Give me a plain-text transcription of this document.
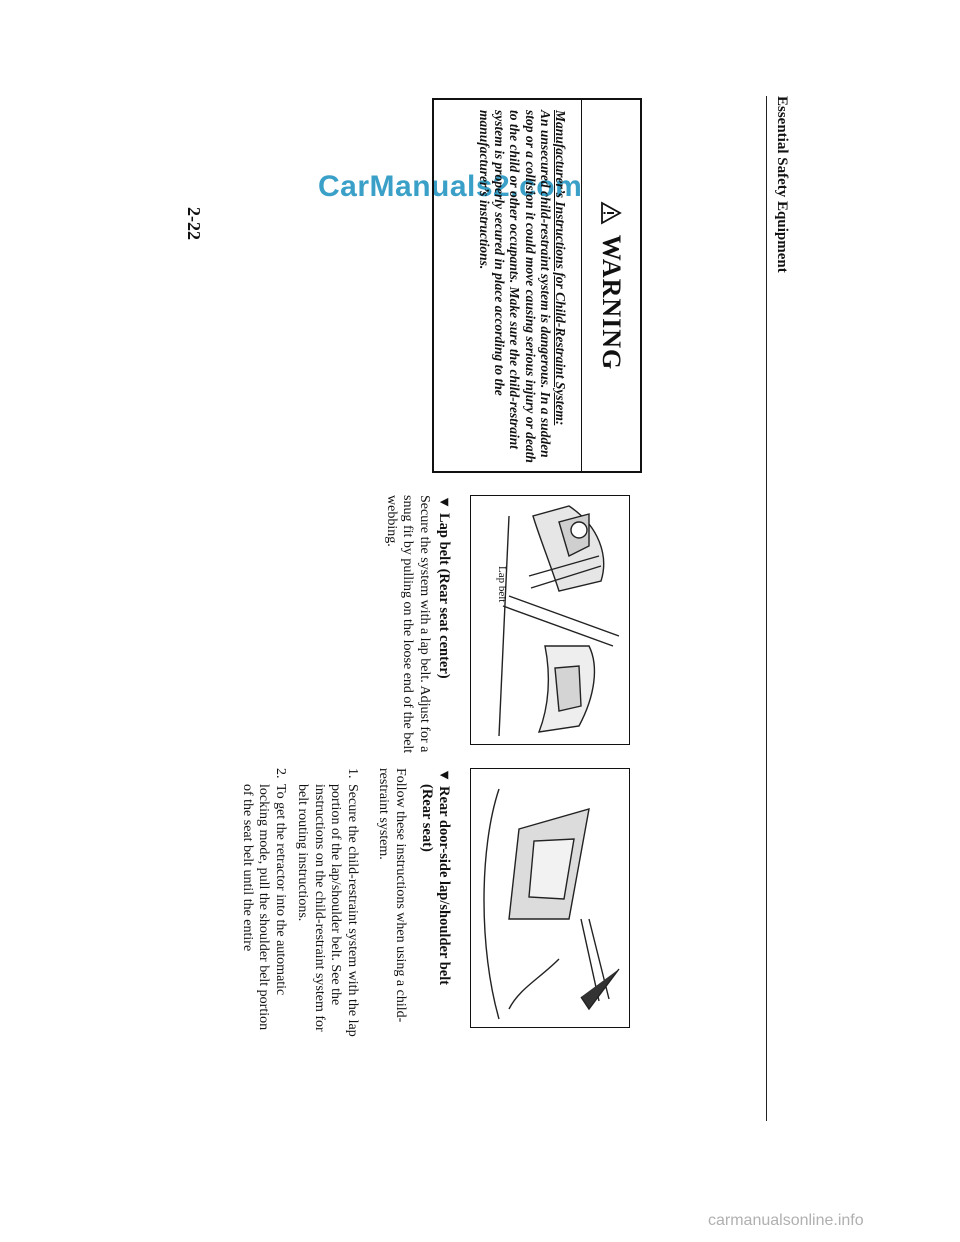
CarManuals2.com
carmanualsonline.info
Essential Safety Equipment
2-22
WARNING
Manufacturer’s Instructions for Child-Restraint System:
An unsecured child-restraint system is dangerous. In a sudden stop or a collision it could move causing serious injury or death to the child or other occupants. Make sure the child-restraint system is properly secured in place according to the manufacturer’s instructions.
Lap belt
▼ Lap belt (Rear seat center)
Secure the system with a lap belt. Adjust for a snug fit by pulling on the loose end of the belt webbing.
▼ Rear door-side lap/shoulder belt
(Rear seat)
Follow these instructions when using a child-restraint system.
1.
Secure the child-restraint system with the lap portion of the lap/shoulder belt. See the instructions on the child-restraint system for belt routing instructions.
2.
To get the retractor into the automatic locking mode, pull the shoulder belt portion of the seat belt until the entire
